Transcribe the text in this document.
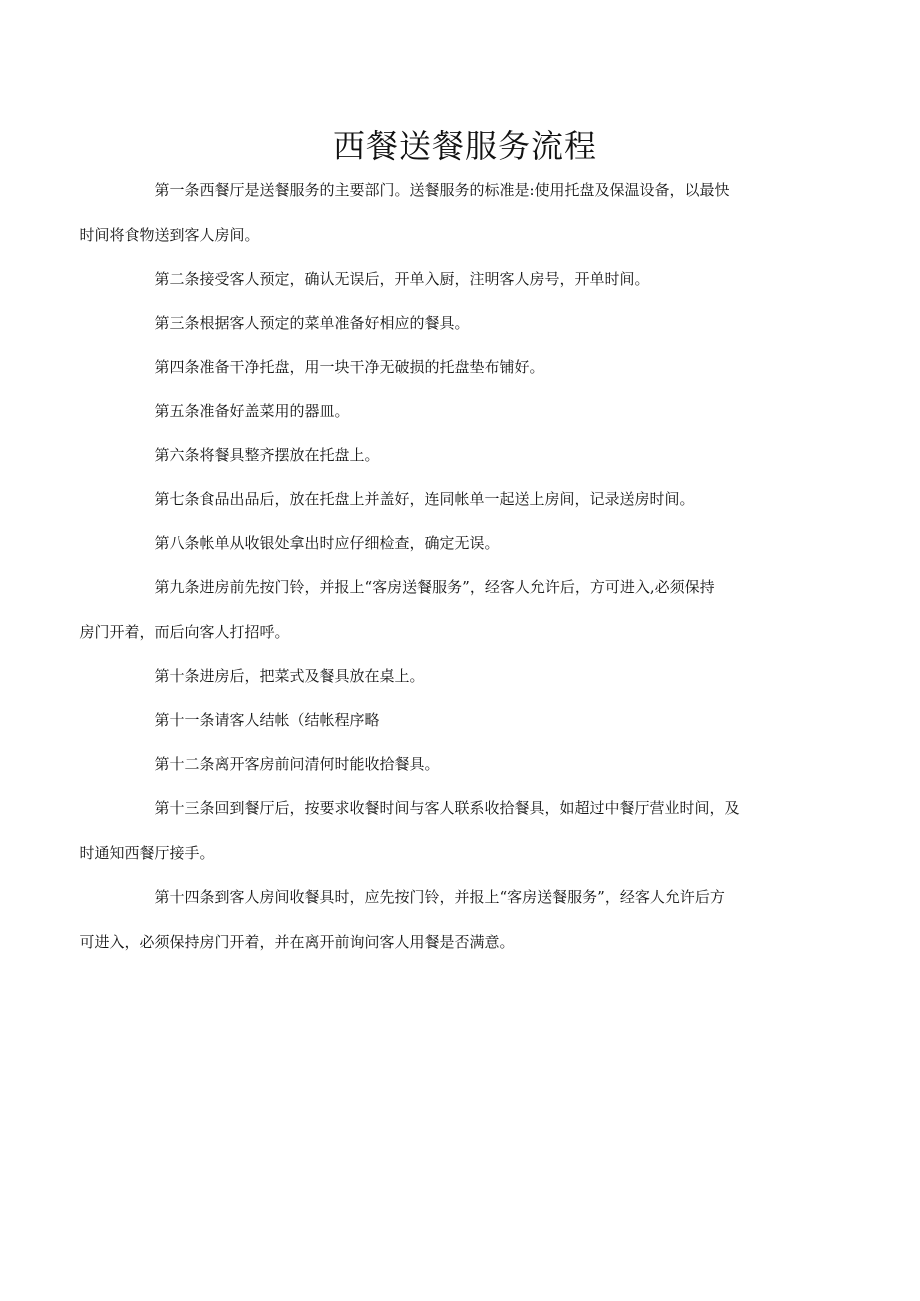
西餐送餐服务流程

第一条西餐厅是送餐服务的主要部门。送餐服务的标准是:使用托盘及保温设备，以最快
时间将食物送到客人房间。

第二条接受客人预定，确认无误后，开单入厨，注明客人房号，开单时间。

第三条根据客人预定的菜单准备好相应的餐具。

第四条准备干净托盘，用一块干净无破损的托盘垫布铺好。

第五条准备好盖菜用的器皿。

第六条将餐具整齐摆放在托盘上。

第七条食品出品后，放在托盘上并盖好，连同帐单一起送上房间，记录送房时间。

第八条帐单从收银处拿出时应仔细检查，确定无误。

第九条进房前先按门铃，并报上“客房送餐服务”，经客人允许后，方可进入,必须保持
房门开着，而后向客人打招呼。

第十条进房后，把菜式及餐具放在桌上。

第十一条请客人结帐（结帐程序略

第十二条离开客房前问清何时能收拾餐具。

第十三条回到餐厅后，按要求收餐时间与客人联系收拾餐具，如超过中餐厅营业时间，及
时通知西餐厅接手。

第十四条到客人房间收餐具时，应先按门铃，并报上“客房送餐服务”，经客人允许后方
可进入，必须保持房门开着，并在离开前询问客人用餐是否满意。
